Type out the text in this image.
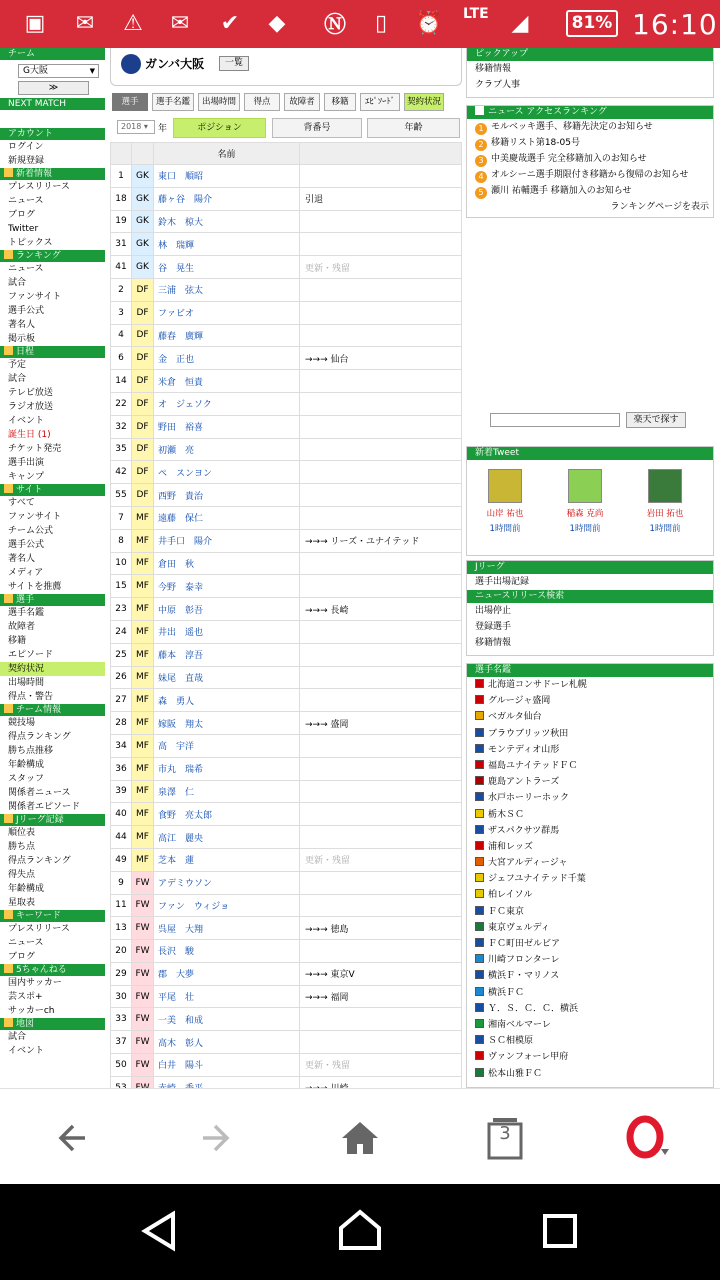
▣ ✉ ⚠ ✉ ✔ ◆ Ⓝ	▯	⏰ LTE ◢	81% 16:10
チーム
G大阪 ▼
≫
NEXT MATCH
アカウント
ログイン
新規登録
新着情報
プレスリリース
ニュース
ブログ
Twitter
トピックス
ランキング
ニュース
試合
ファンサイト
選手公式
著名人
掲示板
日程
予定
試合
テレビ放送
ラジオ放送
イベント
誕生日 (1)
チケット発売
選手出演
キャンプ
サイト
すべて
ファンサイト
チーム公式
選手公式
著名人
メディア
サイトを推薦
選手
選手名鑑
故障者
移籍
エピソード
契約状況
出場時間
得点・警告
チーム情報
競技場
得点ランキング
勝ち点推移
年齢構成
スタッフ
関係者ニュース
関係者エピソード
Jリーグ記録
順位表
勝ち点
得点ランキング
得失点
年齢構成
星取表
キーワード
プレスリリース
ニュース
ブログ
5ちゃんねる
国内サッカー
芸スポ+
サッカーch
地図
試合
イベント
ガンバ大阪	一覧
選手	選手名鑑	出場時間	得点	故障者	移籍	ｴﾋﾟｿｰﾄﾞ	契約状況
2018 ▾	年	ポジション	背番号	年齢
		名前	
1	GK	東口　順昭	
18	GK	藤ヶ谷　陽介	引退
19	GK	鈴木　椋大	
31	GK	林　瑞輝	
41	GK	谷　晃生	更新・残留
2	DF	三浦　弦太	
3	DF	ファビオ	
4	DF	藤春　廣輝	
6	DF	金　正也	→→→ 仙台
14	DF	米倉　恒貴	
22	DF	オ　ジェソク	
32	DF	野田　裕喜	
35	DF	初瀬　亮	
42	DF	ペ　スンヨン	
55	DF	西野　貴治	
7	MF	遠藤　保仁	
8	MF	井手口　陽介	→→→ リーズ・ユナイテッド
10	MF	倉田　秋	
15	MF	今野　泰幸	
23	MF	中原　彰吾	→→→ 長崎
24	MF	井出　遥也	
25	MF	藤本　淳吾	
26	MF	妹尾　直哉	
27	MF	森　勇人	
28	MF	嫁阪　翔太	→→→ 盛岡
34	MF	高　宇洋	
36	MF	市丸　瑞希	
39	MF	泉澤　仁	
40	MF	食野　亮太郎	
44	MF	高江　麗央	
49	MF	芝本　蓮	更新・残留
9	FW	アデミウソン	
11	FW	ファン　ウィジョ	
13	FW	呉屋　大翔	→→→ 徳島
20	FW	長沢　駿	
29	FW	郡　大夢	→→→ 東京V
30	FW	平尾　壮	→→→ 福岡
33	FW	一美　和成	
37	FW	高木　彰人	
50	FW	白井　陽斗	更新・残留

ピックアップ
移籍情報
クラブ人事
ニュース アクセスランキング
1 モルベッキ選手、移籍先決定のお知らせ
2 移籍リスト第18-05号
3 中美慶哉選手 完全移籍加入のお知らせ
4 オルシーニ選手期限付き移籍から復帰のお知らせ
5 瀬川 祐輔選手 移籍加入のお知らせ
ランキングページを表示
楽天で探す
新着Tweet
山岸 祐也
1時間前
稲森 克尚
1時間前
岩田 拓也
1時間前
Jリーグ
選手出場記録
ニュースリリース検索
出場停止
登録選手
移籍情報
選手名鑑
北海道コンサドーレ札幌
グルージャ盛岡
ベガルタ仙台
ブラウブリッツ秋田
モンテディオ山形
福島ユナイテッドＦＣ
鹿島アントラーズ
水戸ホーリーホック
栃木ＳＣ
ザスパクサツ群馬
浦和レッズ
大宮アルディージャ
ジェフユナイテッド千葉
柏レイソル
ＦＣ東京
東京ヴェルディ
ＦＣ町田ゼルビア
川崎フロンターレ
横浜Ｆ・マリノス
横浜ＦＣ
Ｙ．Ｓ．Ｃ．Ｃ．横浜
湘南ベルマーレ
ＳＣ相模原
ヴァンフォーレ甲府
松本山雅ＦＣ
3
